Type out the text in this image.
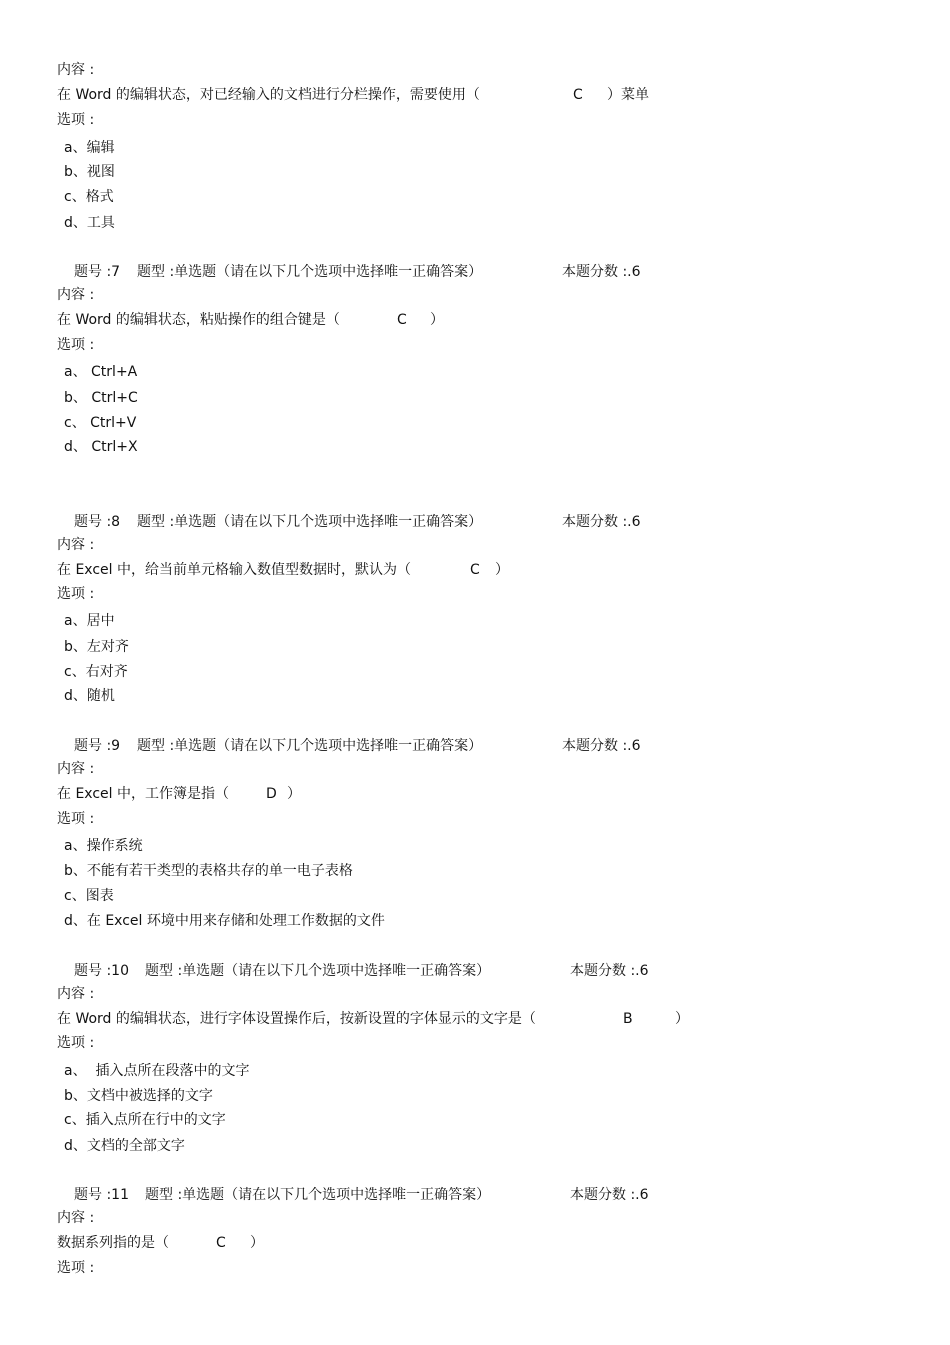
内容 :
在 Word 的编辑状态，对已经输入的文档进行分栏操作，需要使用（	C ）菜单
选项 :
a、编辑
b、视图
c、格式
d、工具
题号 :7 题型 :单选题（请在以下几个选项中选择唯一正确答案）	本题分数 :.6
内容 :
在 Word 的编辑状态，粘贴操作的组合键是（	C ）
选项 :
a、 Ctrl+A
b、 Ctrl+C
c、 Ctrl+V
d、 Ctrl+X
题号 :8 题型 :单选题（请在以下几个选项中选择唯一正确答案）	本题分数 :.6
内容 :
在 Excel 中，给当前单元格输入数值型数据时，默认为（	C ）
选项 :
a、居中
b、左对齐
c、右对齐
d、随机
题号 :9 题型 :单选题（请在以下几个选项中选择唯一正确答案）	本题分数 :.6
内容 :
在 Excel 中，工作簿是指（	D ）
选项 :
a、操作系统
b、不能有若干类型的表格共存的单一电子表格
c、图表
d、在 Excel 环境中用来存储和处理工作数据的文件
题号 :10 题型 :单选题（请在以下几个选项中选择唯一正确答案）	本题分数 :.6
内容 :
在 Word 的编辑状态，进行字体设置操作后，按新设置的字体显示的文字是（	B	）
选项 :
a、  插入点所在段落中的文字
b、文档中被选择的文字
c、插入点所在行中的文字
d、文档的全部文字
题号 :11 题型 :单选题（请在以下几个选项中选择唯一正确答案）	本题分数 :.6
内容 :
数据系列指的是（	C ）
选项 :
